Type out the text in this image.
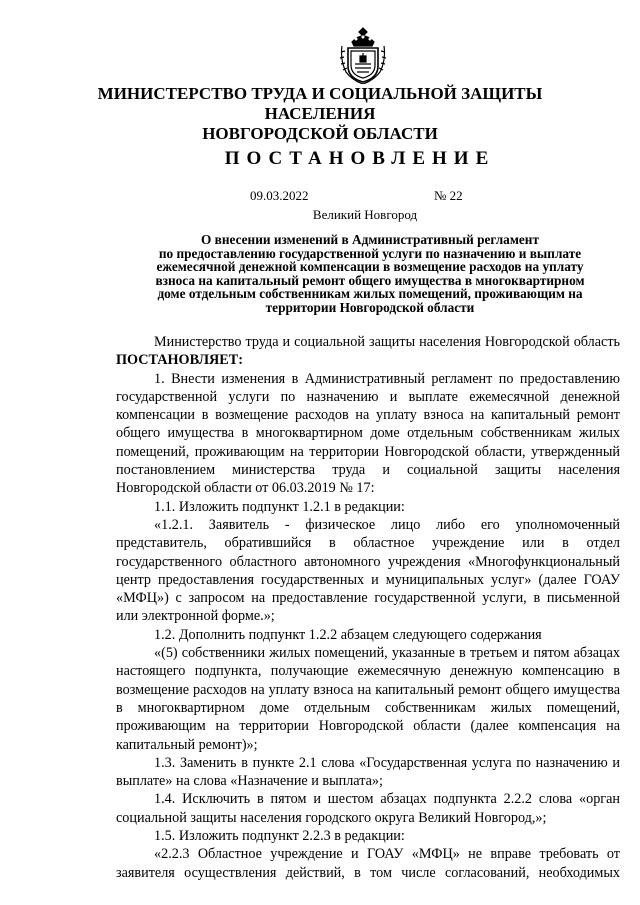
МИНИСТЕРСТВО ТРУДА И СОЦИАЛЬНОЙ ЗАЩИТЫ НАСЕЛЕНИЯ
НОВГОРОДСКОЙ ОБЛАСТИ
ПОСТАНОВЛЕНИЕ
09.03.2022	№ 22
Великий Новгород
О внесении изменений в Административный регламент
по предоставлению государственной услуги по назначению и выплате
ежемесячной денежной компенсации в возмещение расходов на уплату
взноса на капитальный ремонт общего имущества в многоквартирном
доме отдельным собственникам жилых помещений, проживающим на
территории Новгородской области

Министерство труда и социальной защиты населения Новгородской область ПОСТАНОВЛЯЕТ:

1. Внести изменения в Административный регламент по предоставлению государственной услуги по назначению и выплате ежемесячной денежной компенсации в возмещение расходов на уплату взноса на капитальный ремонт общего имущества в многоквартирном доме отдельным собственникам жилых помещений, проживающим на территории Новгородской области, утвержденный постановлением министерства труда и социальной защиты населения Новгородской области от 06.03.2019 № 17:

1.1. Изложить подпункт 1.2.1 в редакции:

«1.2.1. Заявитель - физическое лицо либо его уполномоченный представитель, обратившийся в областное учреждение или в отдел государственного областного автономного учреждения «Многофункциональный центр предоставления государственных и муниципальных услуг» (далее ГОАУ «МФЦ») с запросом на предоставление государственной услуги, в письменной или электронной форме.»;

1.2. Дополнить подпункт 1.2.2 абзацем следующего содержания

«(5) собственники жилых помещений, указанные в третьем и пятом абзацах настоящего подпункта, получающие ежемесячную денежную компенсацию в возмещение расходов на уплату взноса на капитальный ремонт общего имущества в многоквартирном доме отдельным собственникам жилых помещений, проживающим на территории Новгородской области (далее компенсация на капитальный ремонт)»;

1.3. Заменить в пункте 2.1 слова «Государственная услуга по назначению и выплате» на слова «Назначение и выплата»;

1.4. Исключить в пятом и шестом абзацах подпункта 2.2.2 слова «орган социальной защиты населения городского округа Великий Новгород,»;

1.5. Изложить подпункт 2.2.3 в редакции:

«2.2.3 Областное учреждение и ГОАУ «МФЦ» не вправе требовать от заявителя осуществления действий, в том числе согласований, необходимых
